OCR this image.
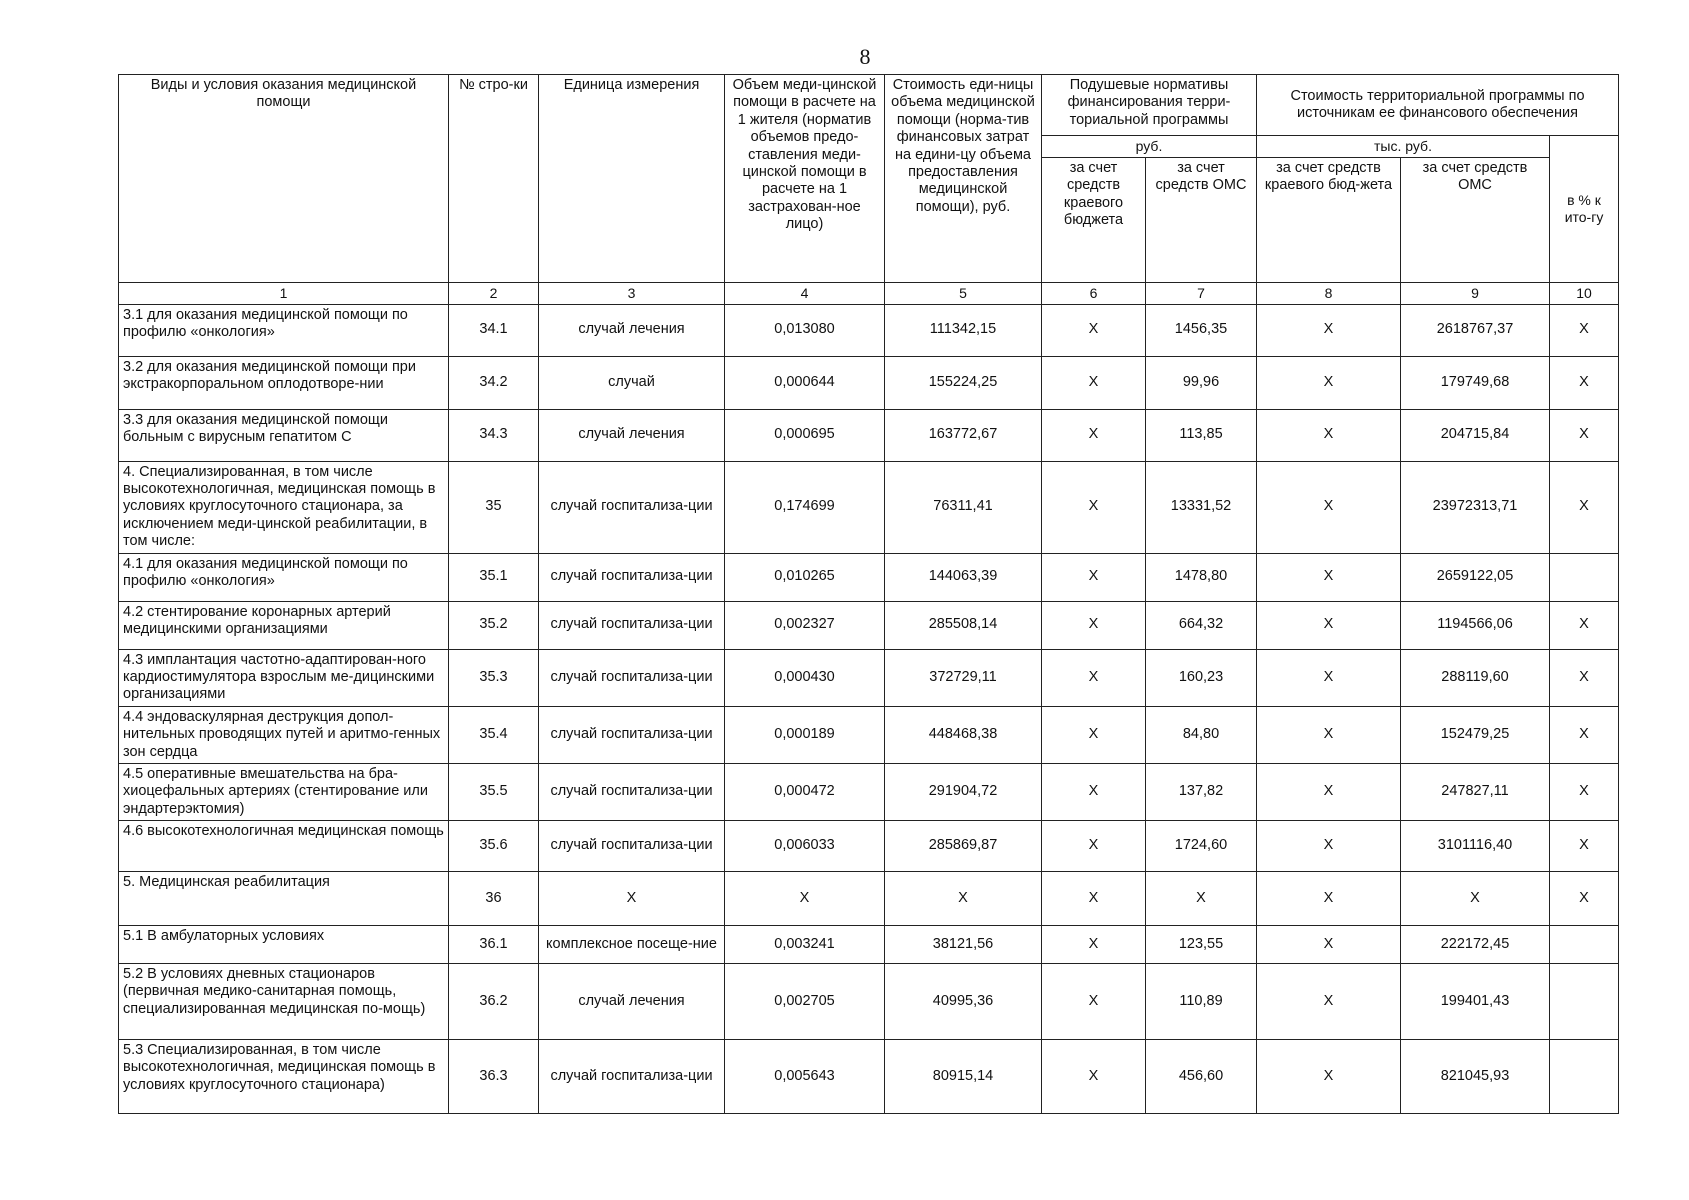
8
Виды и условия оказания медицинской помощи	№ стро-ки	Единица измерения	Объем меди-цинской помощи в расчете на 1 жителя (норматив объемов предо-ставления меди-цинской помощи в расчете на 1 застрахован-ное лицо)	Стоимость еди-ницы объема медицинской помощи (норма-тив финансовых затрат на едини-цу объема предоставления медицинской помощи), руб.	Подушевые нормативы финансирования терри-ториальной программы		Стоимость территориальной программы по источникам ее финансового обеспечения		
					руб.		тыс. руб.		в % к ито-гу
					за счет средств краевого бюджета	за счет средств ОМС	за счет средств краевого бюд-жета	за счет средств ОМС	
1	2	3	4	5	6	7	8	9	10
3.1 для оказания медицинской помощи по профилю «онкология»	34.1	случай лечения	0,013080	111342,15	X	1456,35	X	2618767,37	X
3.2 для оказания медицинской помощи при экстракорпоральном оплодотворе-нии	34.2	случай	0,000644	155224,25	X	99,96	X	179749,68	X
3.3 для оказания медицинской помощи больным с вирусным гепатитом С	34.3	случай лечения	0,000695	163772,67	X	113,85	X	204715,84	X
4. Специализированная, в том числе высокотехнологичная, медицинская помощь в условиях круглосуточного стационара, за исключением меди-цинской реабилитации, в том числе:	35	случай госпитализа-ции	0,174699	76311,41	X	13331,52	X	23972313,71	X
4.1 для оказания медицинской помощи по профилю «онкология»	35.1	случай госпитализа-ции	0,010265	144063,39	X	1478,80	X	2659122,05	
4.2 стентирование коронарных артерий медицинскими организациями	35.2	случай госпитализа-ции	0,002327	285508,14	X	664,32	X	1194566,06	X
4.3 имплантация частотно-адаптирован-ного кардиостимулятора взрослым ме-дицинскими организациями	35.3	случай госпитализа-ции	0,000430	372729,11	X	160,23	X	288119,60	X
4.4 эндоваскулярная деструкция допол-нительных проводящих путей и аритмо-генных зон сердца	35.4	случай госпитализа-ции	0,000189	448468,38	X	84,80	X	152479,25	X
4.5 оперативные вмешательства на бра-хиоцефальных артериях (стентирование или эндартерэктомия)	35.5	случай госпитализа-ции	0,000472	291904,72	X	137,82	X	247827,11	X
4.6 высокотехнологичная медицинская помощь	35.6	случай госпитализа-ции	0,006033	285869,87	X	1724,60	X	3101116,40	X
5. Медицинская реабилитация	36	X	X	X	X	X	X	X	X
5.1 В амбулаторных условиях	36.1	комплексное посеще-ние	0,003241	38121,56	X	123,55	X	222172,45	
5.2 В условиях дневных стационаров (первичная медико-санитарная помощь, специализированная медицинская по-мощь)	36.2	случай лечения	0,002705	40995,36	X	110,89	X	199401,43	
5.3 Специализированная, в том числе высокотехнологичная, медицинская помощь в условиях круглосуточного стационара)	36.3	случай госпитализа-ции	0,005643	80915,14	X	456,60	X	821045,93	
